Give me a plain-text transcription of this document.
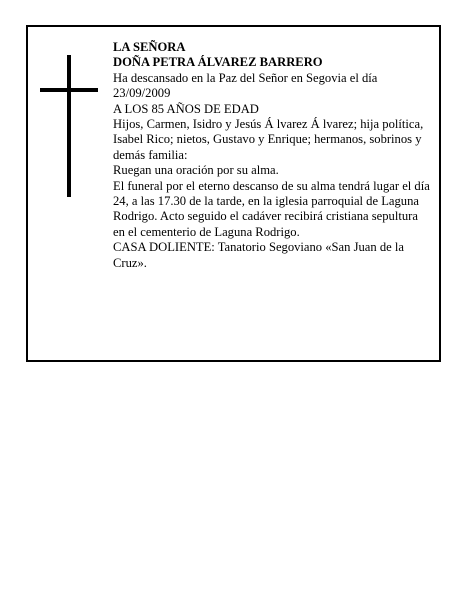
LA SEÑORA

DOÑA PETRA ÁLVAREZ BARRERO

Ha descansado en la Paz del Señor en Segovia el día 23/09/2009

A LOS 85 AÑOS DE EDAD

Hijos, Carmen, Isidro y Jesús Á lvarez Á lvarez; hija política, Isabel Rico; nietos, Gustavo y Enrique; hermanos, sobrinos y demás familia:

Ruegan una oración por su alma.

El funeral por el eterno descanso de su alma tendrá lugar el día 24, a las 17.30 de la tarde, en la iglesia parroquial de Laguna Rodrigo. Acto seguido el cadáver recibirá cristiana sepultura en el cementerio de Laguna Rodrigo.

CASA DOLIENTE: Tanatorio Segoviano «San Juan de la Cruz».
